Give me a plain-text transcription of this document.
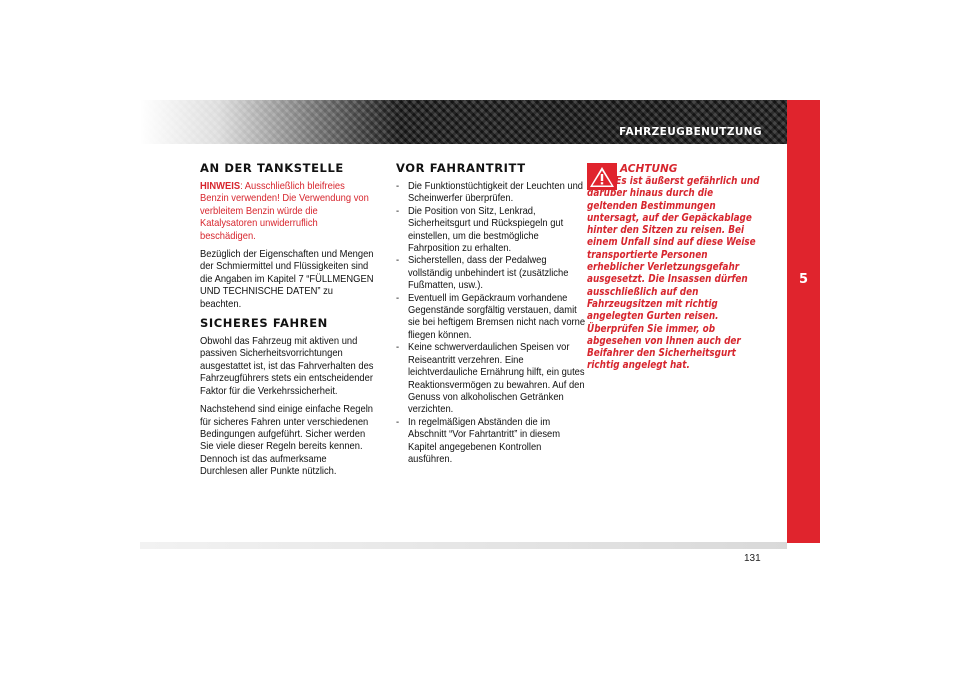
FAHRZEUGBENUTZUNG
5
AN DER TANKSTELLE

HINWEIS: Ausschließlich bleifreies Benzin verwenden! Die Verwendung von verbleitem Benzin würde die Katalysatoren unwiderruflich beschädigen.

Bezüglich der Eigenschaften und Mengen der Schmiermittel und Flüssigkeiten sind die Angaben im Kapitel 7 “FÜLLMENGEN UND TECHNISCHE DATEN” zu beachten.

SICHERES FAHREN

Obwohl das Fahrzeug mit aktiven und passiven Sicherheitsvorrichtungen ausgestattet ist, ist das Fahrverhalten des Fahrzeugführers stets ein entscheidender Faktor für die Verkehrssicherheit.

Nachstehend sind einige einfache Regeln für sicheres Fahren unter verschiedenen Bedingungen aufgeführt. Sicher werden Sie viele dieser Regeln bereits kennen. Dennoch ist das aufmerksame Durchlesen aller Punkte nützlich.

VOR FAHRANTRITT
- Die Funktionstüchtigkeit der Leuchten und Scheinwerfer überprüfen.
- Die Position von Sitz, Lenkrad, Sicherheitsgurt und Rückspiegeln gut einstellen, um die bestmögliche Fahrposition zu erhalten.
- Sicherstellen, dass der Pedalweg vollständig unbehindert ist (zusätzliche Fußmatten, usw.).
- Eventuell im Gepäckraum vorhandene Gegenstände sorgfältig verstauen, damit sie bei heftigem Bremsen nicht nach vorne fliegen können.
- Keine schwerverdaulichen Speisen vor Reiseantritt verzehren. Eine leichtverdauliche Ernährung hilft, ein gutes Reaktionsvermögen zu bewahren. Auf den Genuss von alkoholischen Getränken verzichten.
- In regelmäßigen Abständen die im Abschnitt “Vor Fahrtantritt” in diesem Kapitel angegebenen Kontrollen ausführen.
ACHTUNG

Es ist äußerst gefährlich und darüber hinaus durch die geltenden Bestimmungen untersagt, auf der Gepäckablage hinter den Sitzen zu reisen. Bei einem Unfall sind auf diese Weise transportierte Personen erheblicher Verletzungsgefahr ausgesetzt. Die Insassen dürfen ausschließlich auf den Fahrzeugsitzen mit richtig angelegten Gurten reisen. Überprüfen Sie immer, ob abgesehen von Ihnen auch der Beifahrer den Sicherheitsgurt richtig angelegt hat.

131
